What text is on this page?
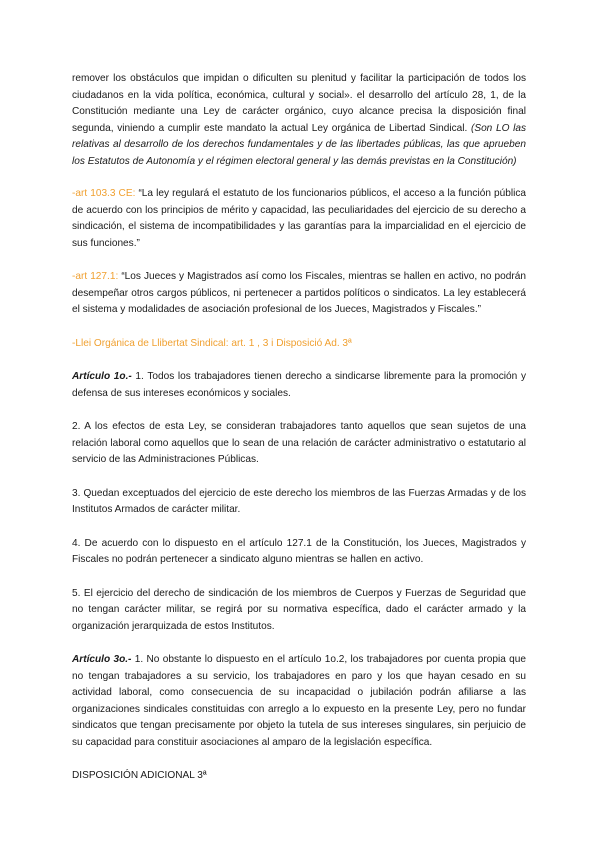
remover los obstáculos que impidan o dificulten su plenitud y facilitar la participación de todos los ciudadanos en la vida política, económica, cultural y social». el desarrollo del artículo 28, 1, de la Constitución mediante una Ley de carácter orgánico, cuyo alcance precisa la disposición final segunda, viniendo a cumplir este mandato la actual Ley orgánica de Libertad Sindical. (Son LO las relativas al desarrollo de los derechos fundamentales y de las libertades públicas, las que aprueben los Estatutos de Autonomía y el régimen electoral general y las demás previstas en la Constitución)

-art 103.3 CE: “La ley regulará el estatuto de los funcionarios públicos, el acceso a la función pública de acuerdo con los principios de mérito y capacidad, las peculiaridades del ejercicio de su derecho a sindicación, el sistema de incompatibilidades y las garantías para la imparcialidad en el ejercicio de sus funciones.”

-art 127.1: “Los Jueces y Magistrados así como los Fiscales, mientras se hallen en activo, no podrán desempeñar otros cargos públicos, ni pertenecer a partidos políticos o sindicatos. La ley establecerá el sistema y modalidades de asociación profesional de los Jueces, Magistrados y Fiscales.”

-Llei Orgánica de Llibertat Sindical: art. 1 , 3 i Disposició Ad. 3ª

Artículo 1o.- 1. Todos los trabajadores tienen derecho a sindicarse libremente para la promoción y defensa de sus intereses económicos y sociales.

2. A los efectos de esta Ley, se consideran trabajadores tanto aquellos que sean sujetos de una relación laboral como aquellos que lo sean de una relación de carácter administrativo o estatutario al servicio de las Administraciones Públicas.

3. Quedan exceptuados del ejercicio de este derecho los miembros de las Fuerzas Armadas y de los Institutos Armados de carácter militar.

4. De acuerdo con lo dispuesto en el artículo 127.1 de la Constitución, los Jueces, Magistrados y Fiscales no podrán pertenecer a sindicato alguno mientras se hallen en activo.

5. El ejercicio del derecho de sindicación de los miembros de Cuerpos y Fuerzas de Seguridad que no tengan carácter militar, se regirá por su normativa específica, dado el carácter armado y la organización jerarquizada de estos Institutos.

Artículo 3o.- 1. No obstante lo dispuesto en el artículo 1o.2, los trabajadores por cuenta propia que no tengan trabajadores a su servicio, los trabajadores en paro y los que hayan cesado en su actividad laboral, como consecuencia de su incapacidad o jubilación podrán afiliarse a las organizaciones sindicales constituidas con arreglo a lo expuesto en la presente Ley, pero no fundar sindicatos que tengan precisamente por objeto la tutela de sus intereses singulares, sin perjuicio de su capacidad para constituir asociaciones al amparo de la legislación específica.

DISPOSICIÓN ADICIONAL 3ª
